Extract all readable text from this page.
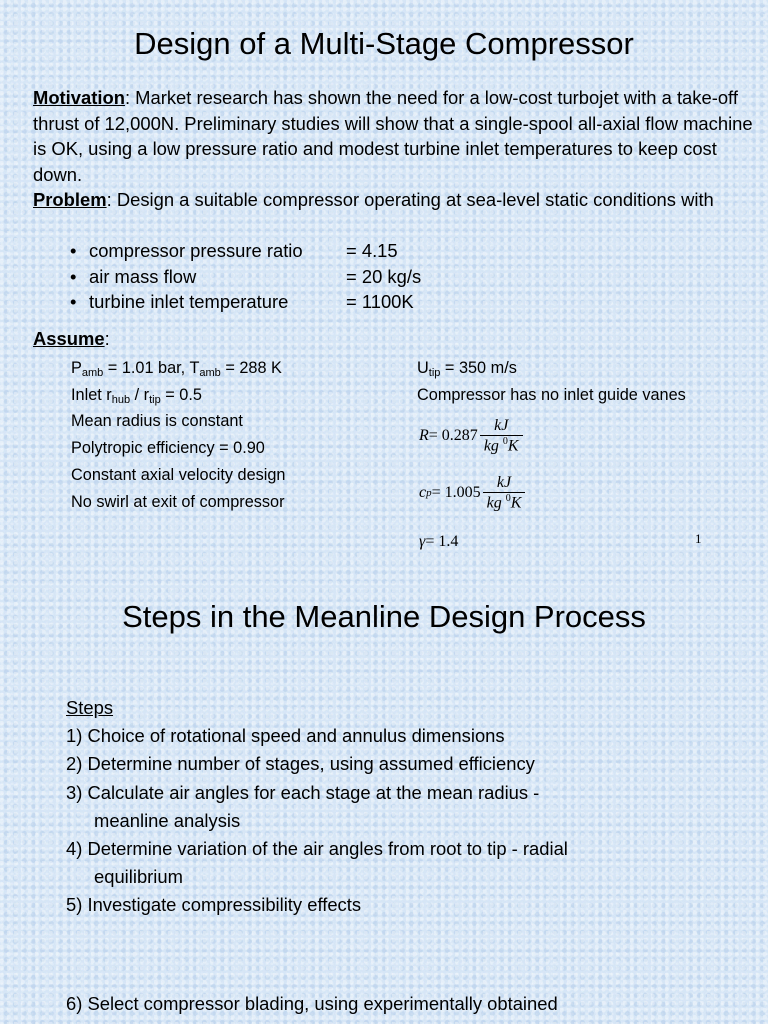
Design of a Multi-Stage Compressor
Motivation: Market research has shown the need for a low-cost turbojet with a take-off thrust of 12,000N. Preliminary studies will show that a single-spool all-axial flow machine is OK, using a low pressure ratio and modest turbine inlet temperatures to keep cost down.
Problem: Design a suitable compressor operating at sea-level static conditions with
• compressor pressure ratio = 4.15
• air mass flow	= 20 kg/s
• turbine inlet temperature	= 1100K
Assume:
$P_{amb} = 1.01$ bar, $T_{amb} = 288$ K
Inlet $r_{hub} / r_{tip} = 0.5$
Mean radius is constant
Polytropic efficiency = 0.90
Constant axial velocity design
No swirl at exit of compressor
$U_{tip} = 350$ m/s
Compressor has no inlet guide vanes
$R = 0.287 \frac{kJ}{kg ^0K}$
c $p = 1.005 \frac{kJ}{kg ^0K}$
γ = 1.4	1
Steps in the Meanline Design Process
Steps
1) Choice of rotational speed and annulus dimensions
2) Determine number of stages, using assumed efficiency
3) Calculate air angles for each stage at the mean radius -
meanline analysis
4) Determine variation of the air angles from root to tip - radial
equilibrium
5) Investigate compressibility effects
6) Select compressor blading, using experimentally obtained
